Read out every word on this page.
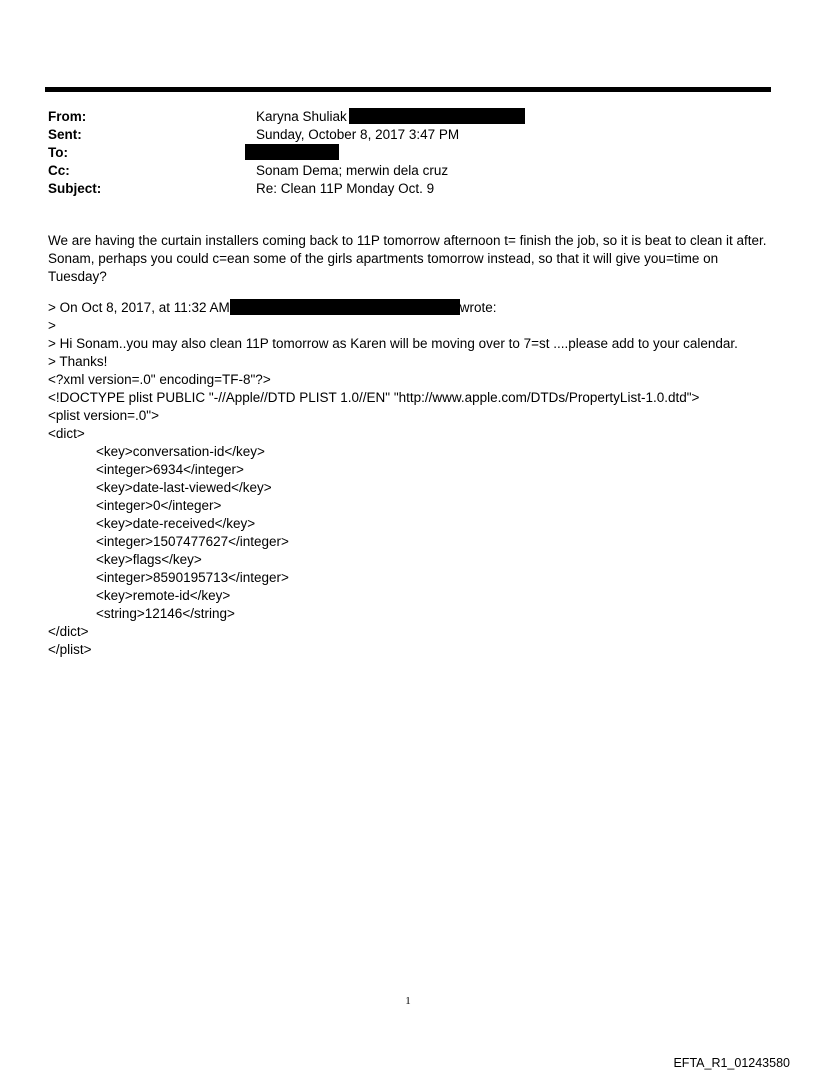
From:	Karyna Shuliak
Sent:	Sunday, October 8, 2017 3:47 PM
To:
Cc:	Sonam Dema; merwin dela cruz
Subject:	Re: Clean 11P Monday Oct. 9

We are having the curtain installers coming back to 11P tomorrow afternoon t= finish the job, so it is beat to clean it after. Sonam, perhaps you could c=ean some of the girls apartments tomorrow instead, so that it will give you=time on Tuesday?

> On Oct 8, 2017, at 11:32 AM	wrote:
>
> Hi Sonam..you may also clean 11P tomorrow as Karen will be moving over to 7=st ....please add to your calendar.
> Thanks!
<?xml version=.0" encoding=TF-8"?>
<!DOCTYPE plist PUBLIC "-//Apple//DTD PLIST 1.0//EN" "http://www.apple.com/DTDs/PropertyList-1.0.dtd">
<plist version=.0">
<dict>
<key>conversation-id</key>
<integer>6934</integer>
<key>date-last-viewed</key>
<integer>0</integer>
<key>date-received</key>
<integer>1507477627</integer>
<key>flags</key>
<integer>8590195713</integer>
<key>remote-id</key>
<string>12146</string>
</dict>
</plist>
1
EFTA_R1_01243580
